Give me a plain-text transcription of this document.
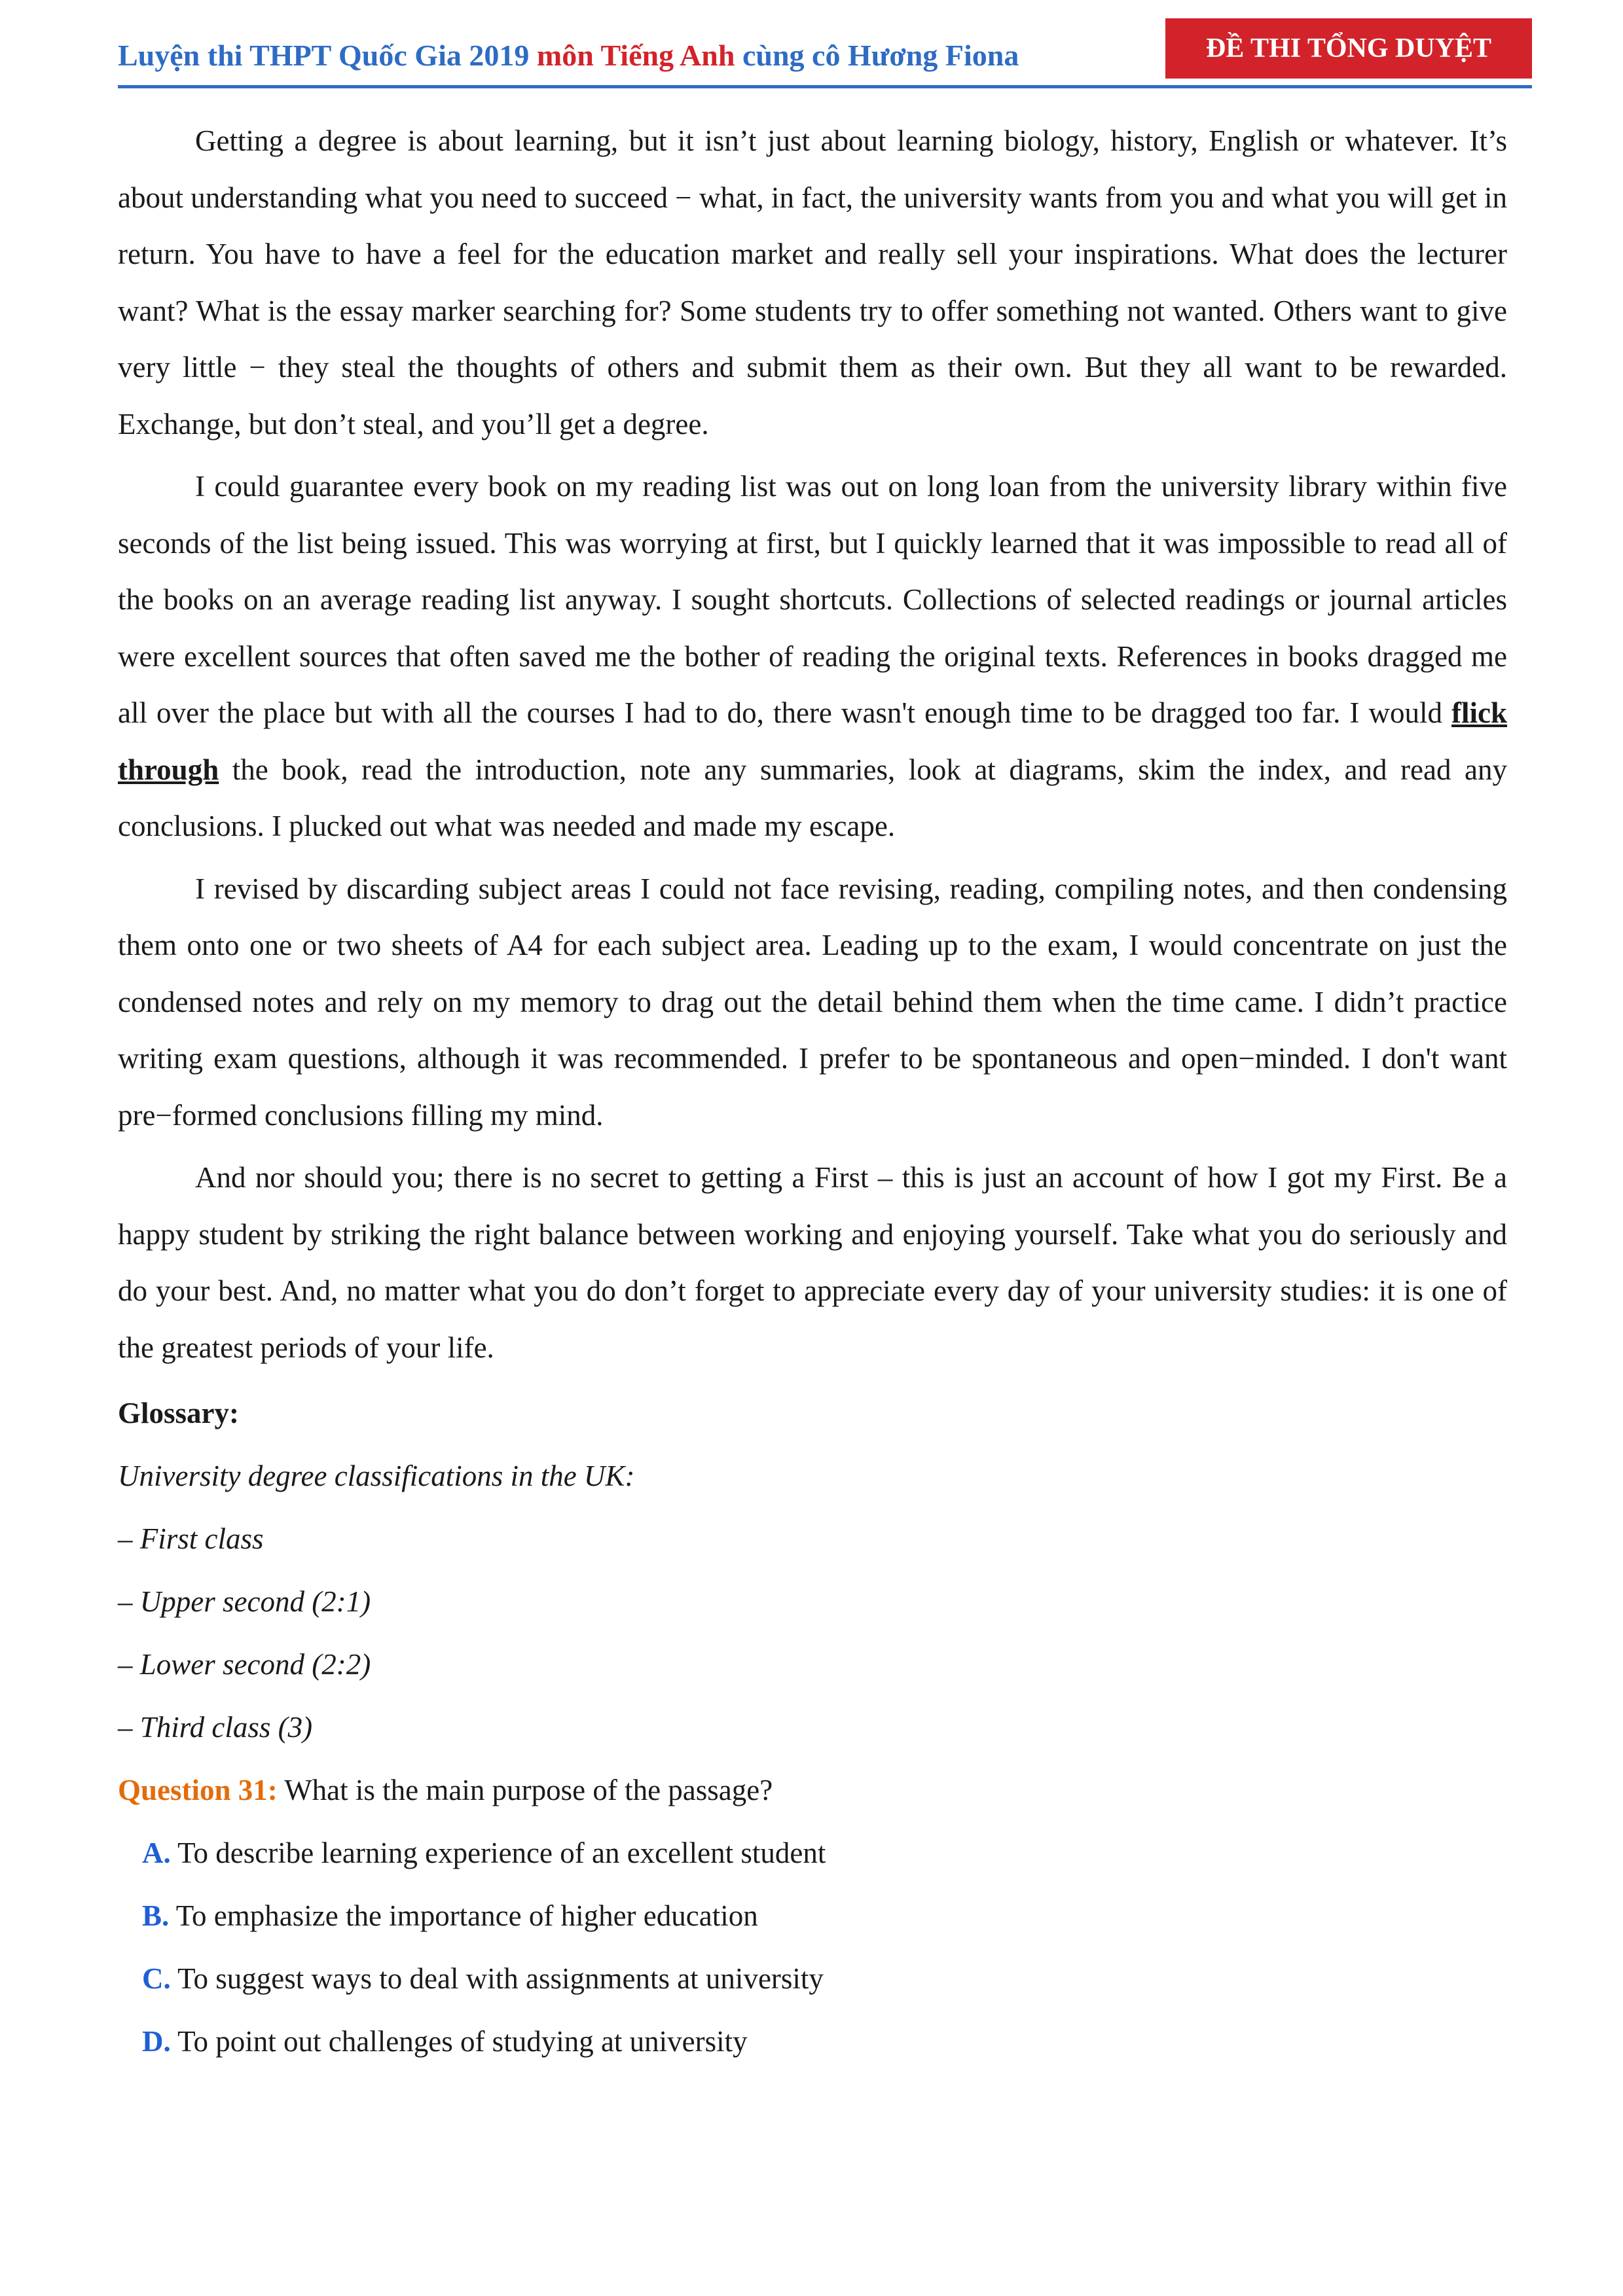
Luyện thi THPT Quốc Gia 2019 môn Tiếng Anh cùng cô Hương Fiona	ĐỀ THI TỔNG DUYỆT

Getting a degree is about learning, but it isn’t just about learning biology, history, English or whatever. It’s about understanding what you need to succeed − what, in fact, the university wants from you and what you will get in return. You have to have a feel for the education market and really sell your inspirations. What does the lecturer want? What is the essay marker searching for? Some students try to offer something not wanted. Others want to give very little − they steal the thoughts of others and submit them as their own. But they all want to be rewarded. Exchange, but don’t steal, and you’ll get a degree.

I could guarantee every book on my reading list was out on long loan from the university library within five seconds of the list being issued. This was worrying at first, but I quickly learned that it was impossible to read all of the books on an average reading list anyway. I sought shortcuts. Collections of selected readings or journal articles were excellent sources that often saved me the bother of reading the original texts. References in books dragged me all over the place but with all the courses I had to do, there wasn't enough time to be dragged too far. I would flick through the book, read the introduction, note any summaries, look at diagrams, skim the index, and read any conclusions. I plucked out what was needed and made my escape.

I revised by discarding subject areas I could not face revising, reading, compiling notes, and then condensing them onto one or two sheets of A4 for each subject area. Leading up to the exam, I would concentrate on just the condensed notes and rely on my memory to drag out the detail behind them when the time came. I didn’t practice writing exam questions, although it was recommended. I prefer to be spontaneous and open−minded. I don't want pre−formed conclusions filling my mind.

And nor should you; there is no secret to getting a First – this is just an account of how I got my First. Be a happy student by striking the right balance between working and enjoying yourself. Take what you do seriously and do your best. And, no matter what you do don’t forget to appreciate every day of your university studies: it is one of the greatest periods of your life.

Glossary:

University degree classifications in the UK:

– First class

– Upper second (2:1)

– Lower second (2:2)

– Third class (3)

Question 31: What is the main purpose of the passage?

A. To describe learning experience of an excellent student

B. To emphasize the importance of higher education

C. To suggest ways to deal with assignments at university

D. To point out challenges of studying at university
